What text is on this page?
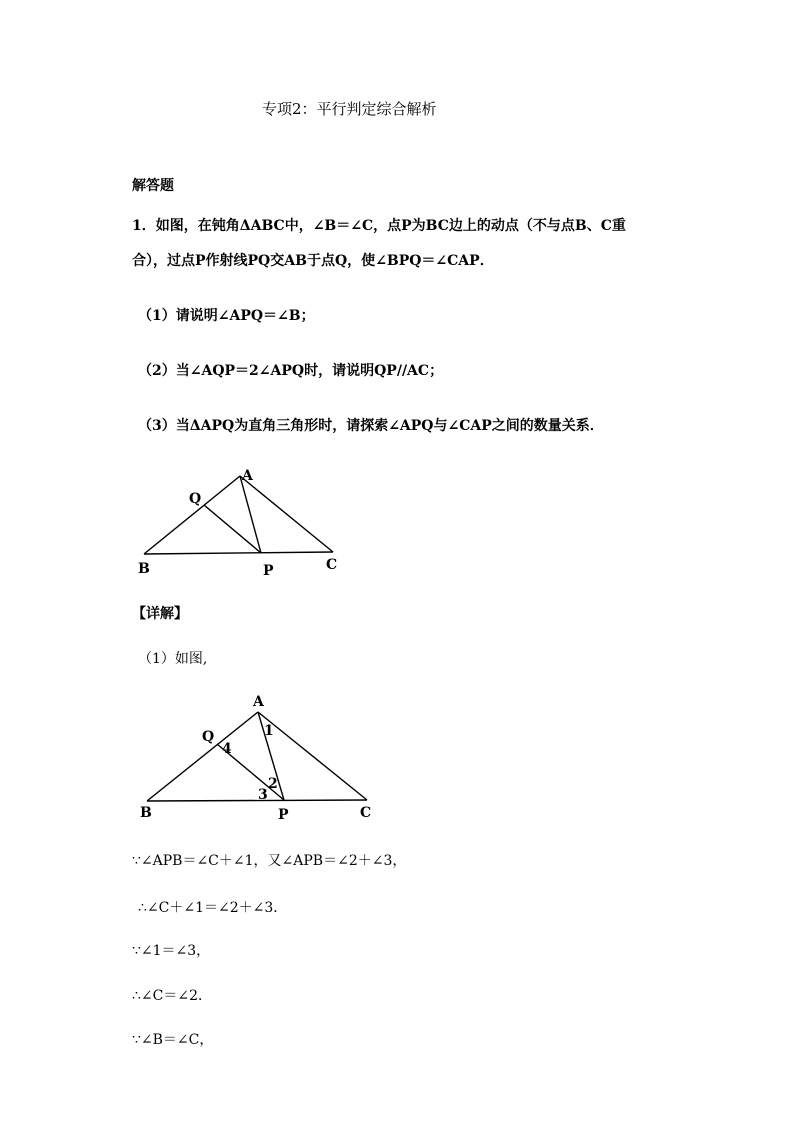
专项2：平行判定综合解析
解答题
1．如图，在钝角ΔABC中，∠B＝∠C，点P为BC边上的动点（不与点B、C重
合），过点P作射线PQ交AB于点Q，使∠BPQ＝∠CAP．
（1）请说明∠APQ＝∠B；
（2）当∠AQP＝2∠APQ时，请说明QP//AC；
（3）当ΔAPQ为直角三角形时，请探索∠APQ与∠CAP之间的数量关系．
A
Q
B	P	C
【详解】
（1）如图,
A
Q
B	P	C
1
2
3
4
∵∠APB＝∠C＋∠1，又∠APB＝∠2＋∠3，
∴∠C＋∠1＝∠2＋∠3．
∵∠1＝∠3，
∴∠C＝∠2．
∵∠B＝∠C，
